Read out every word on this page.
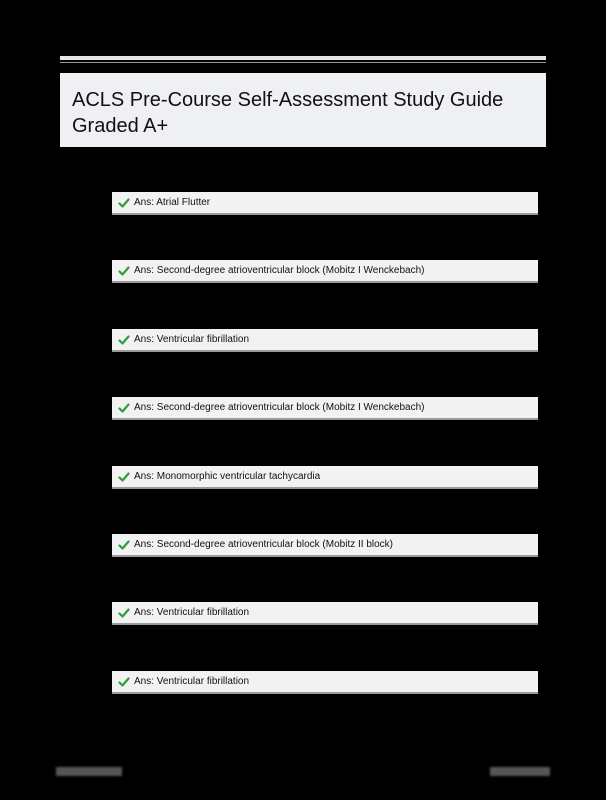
ACLS Pre-Course Self-Assessment Study Guide
Graded A+
Ans: Atrial Flutter
Ans: Second-degree atrioventricular block (Mobitz I Wenckebach)
Ans: Ventricular fibrillation
Ans: Second-degree atrioventricular block (Mobitz I Wenckebach)
Ans: Monomorphic ventricular tachycardia
Ans: Second-degree atrioventricular block (Mobitz II block)
Ans: Ventricular fibrillation
Ans: Ventricular fibrillation
